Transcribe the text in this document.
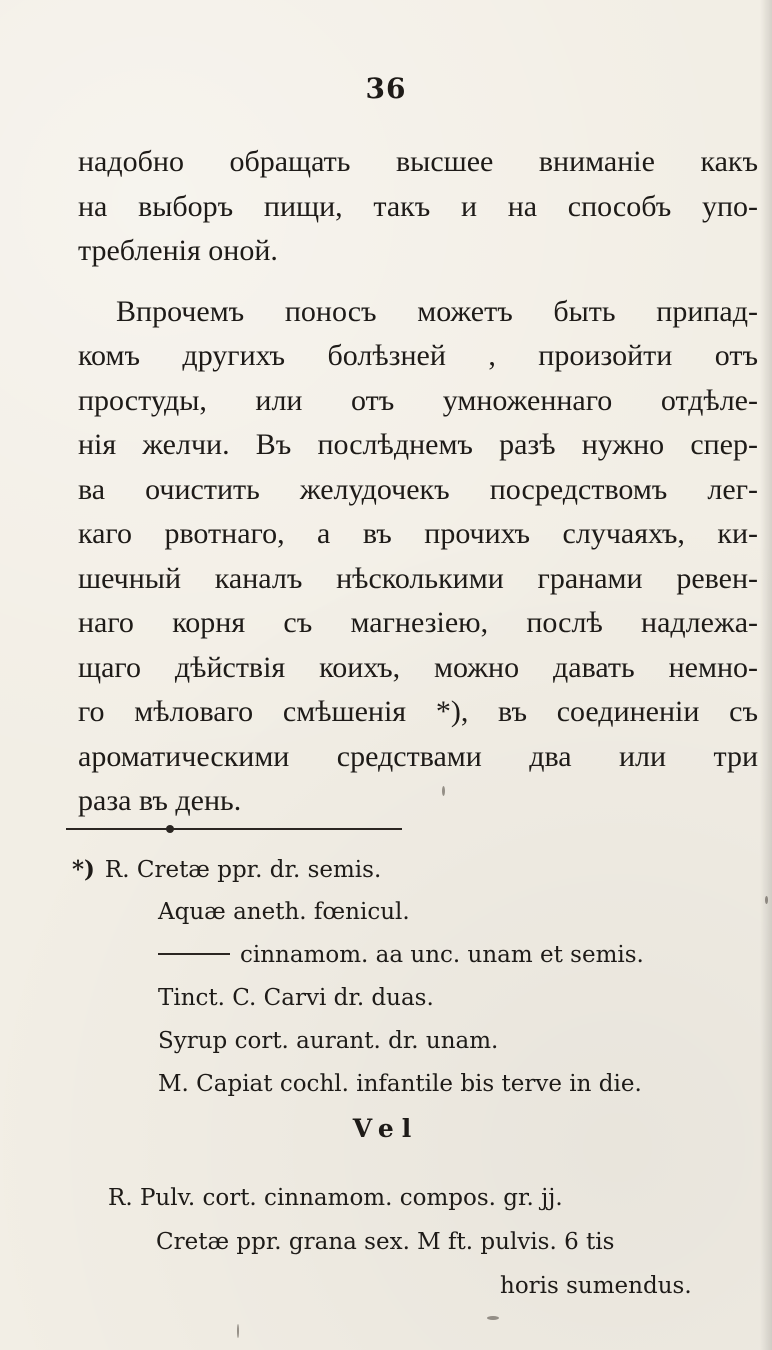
36
надобно обращать высшее вниманіе какъ
на выборъ пищи, такъ и на способъ упо-
требленія оной.
Впрочемъ поносъ можетъ быть припад-
комъ другихъ болѣзней , произойти отъ
простуды, или отъ умноженнаго отдѣле-
нія желчи. Въ послѣднемъ разѣ нужно спер-
ва очистить желудочекъ посредствомъ лег-
каго рвотнаго, а въ прочихъ случаяхъ, ки-
шечный каналъ нѣсколькими гранами ревен-
наго корня съ магнезіею, послѣ надлежа-
щаго дѣйствія коихъ, можно давать немно-
го мѣловаго смѣшенія *), въ соединеніи съ
ароматическими средствами два или три
раза въ день.
*) R. Cretæ ppr. dr. semis.
Aquæ aneth. fœnicul.
cinnamom. aa unc. unam et semis.
Tinct. C. Carvi dr. duas.
Syrup cort. aurant. dr. unam.
M. Capiat cochl. infantile bis terve in die.
Vel
R. Pulv. cort. cinnamom. compos. gr. jj.
Cretæ ppr. grana sex. M ft. pulvis. 6 tis
horis sumendus.
